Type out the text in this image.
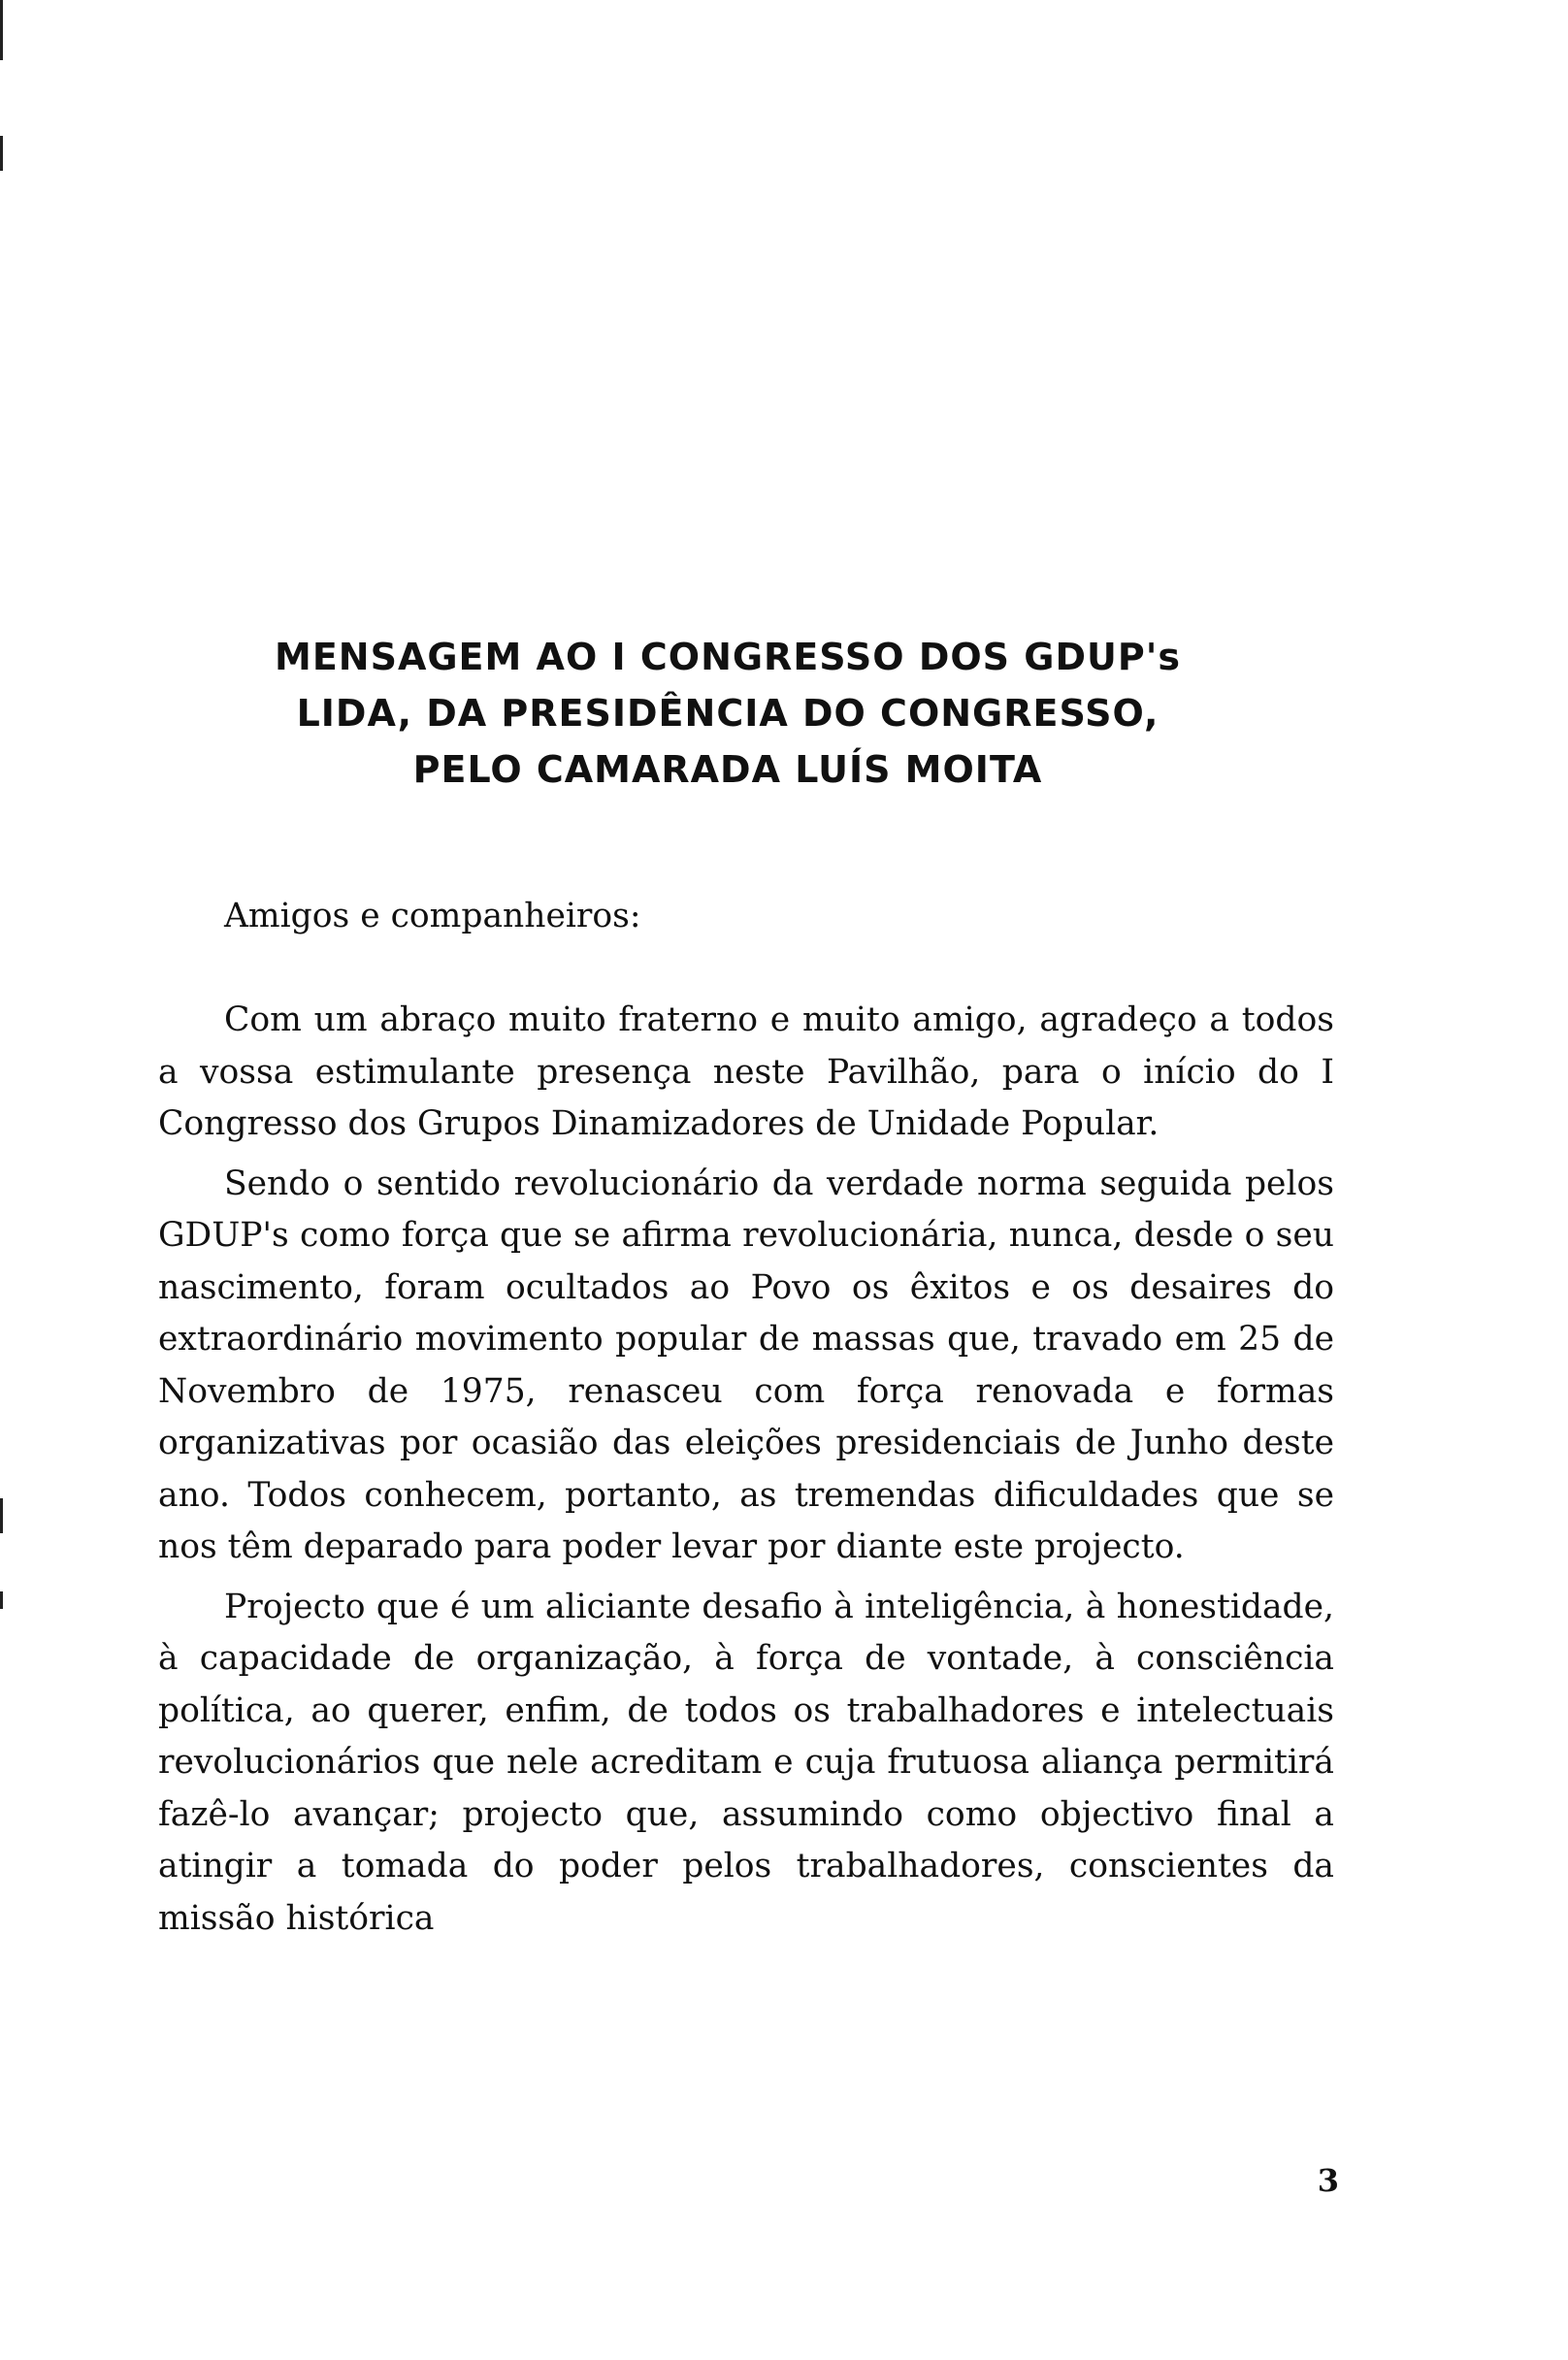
MENSAGEM AO I CONGRESSO DOS GDUP's
LIDA, DA PRESIDÊNCIA DO CONGRESSO,
PELO CAMARADA LUÍS MOITA

Amigos e companheiros:

Com um abraço muito fraterno e muito amigo, agradeço a todos a vossa estimulante presença neste Pavilhão, para o início do I Congresso dos Grupos Dinamizadores de Unidade Popular.

Sendo o sentido revolucionário da verdade norma seguida pelos GDUP's como força que se afirma revolucionária, nunca, desde o seu nascimento, foram ocultados ao Povo os êxitos e os desaires do extraordinário movimento popular de massas que, travado em 25 de Novembro de 1975, renasceu com força renovada e formas organizativas por ocasião das eleições presidenciais de Junho deste ano. Todos conhecem, portanto, as tremendas dificuldades que se nos têm deparado para poder levar por diante este projecto.

Projecto que é um aliciante desafio à inteligência, à honestidade, à capacidade de organização, à força de vontade, à consciência política, ao querer, enfim, de todos os trabalhadores e intelectuais revolucionários que nele acreditam e cuja frutuosa aliança permitirá fazê-lo avançar; projecto que, assumindo como objectivo final a atingir a tomada do poder pelos trabalhadores, conscientes da missão histórica

3
